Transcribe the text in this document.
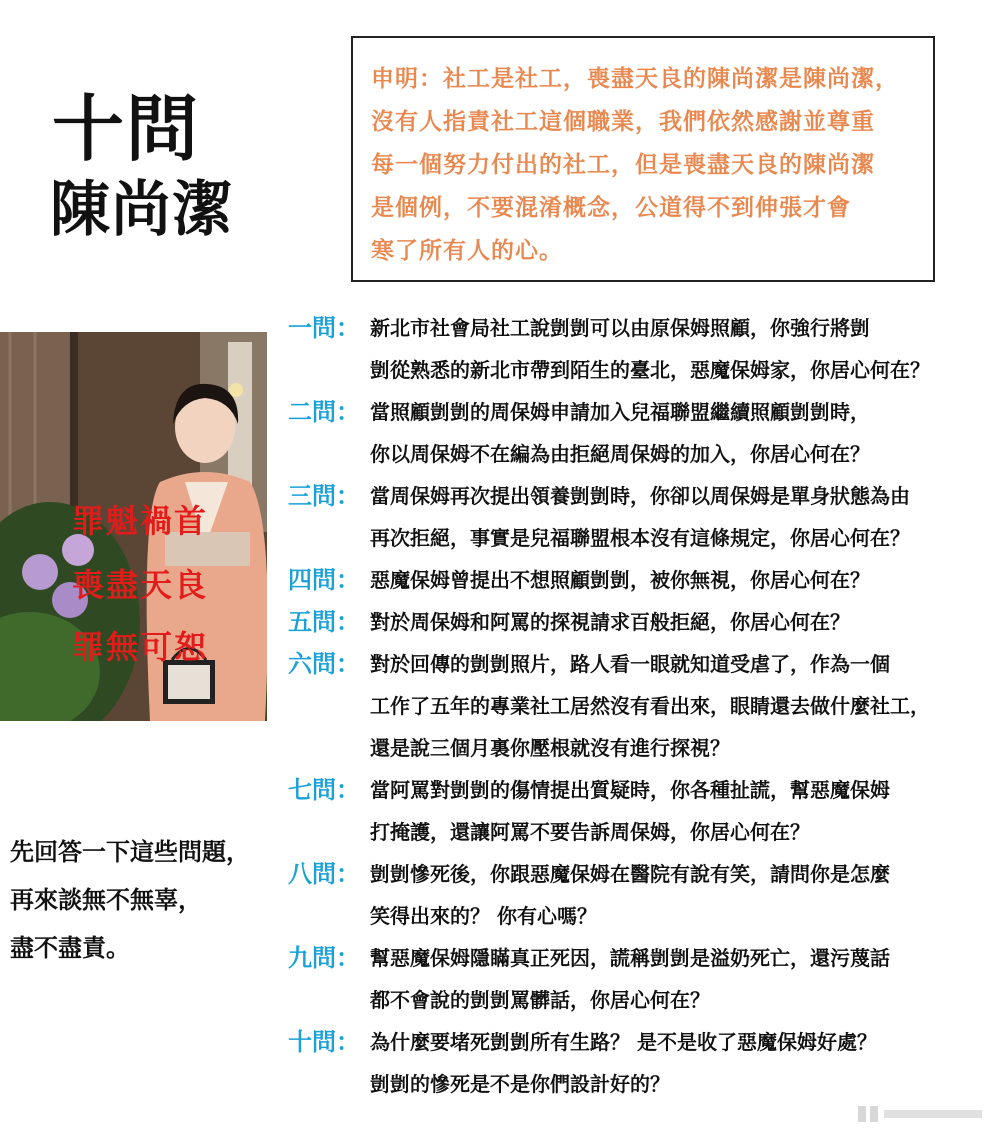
十問
陳尚潔
申明：社工是社工，喪盡天良的陳尚潔是陳尚潔，
沒有人指責社工這個職業，我們依然感謝並尊重
每一個努力付出的社工，但是喪盡天良的陳尚潔
是個例，不要混淆概念，公道得不到伸張才會
寒了所有人的心。
罪魁禍首
喪盡天良
罪無可恕
先回答一下這些問題，
再來談無不無辜，
盡不盡責。
一問： 新北市社會局社工說剴剴可以由原保姆照顧，你強行將剴
剴從熟悉的新北市帶到陌生的臺北，惡魔保姆家，你居心何在？
二問： 當照顧剴剴的周保姆申請加入兒福聯盟繼續照顧剴剴時，
你以周保姆不在編為由拒絕周保姆的加入，你居心何在？
三問： 當周保姆再次提出領養剴剴時，你卻以周保姆是單身狀態為由
再次拒絕，事實是兒福聯盟根本沒有這條規定，你居心何在？
四問： 惡魔保姆曾提出不想照顧剴剴，被你無視，你居心何在？
五問： 對於周保姆和阿罵的探視請求百般拒絕，你居心何在？
六問： 對於回傳的剴剴照片，路人看一眼就知道受虐了，作為一個
工作了五年的專業社工居然沒有看出來，眼睛還去做什麼社工，
還是說三個月裏你壓根就沒有進行探視？
七問： 當阿罵對剴剴的傷情提出質疑時，你各種扯謊，幫惡魔保姆
打掩護，還讓阿罵不要告訴周保姆，你居心何在？
八問： 剴剴慘死後，你跟惡魔保姆在醫院有說有笑，請問你是怎麼
笑得出來的？ 你有心嗎？
九問： 幫惡魔保姆隱瞞真正死因，謊稱剴剴是溢奶死亡，還污蔑話
都不會說的剴剴罵髒話，你居心何在？
十問： 為什麼要堵死剴剴所有生路？ 是不是收了惡魔保姆好處？
剴剴的慘死是不是你們設計好的？
